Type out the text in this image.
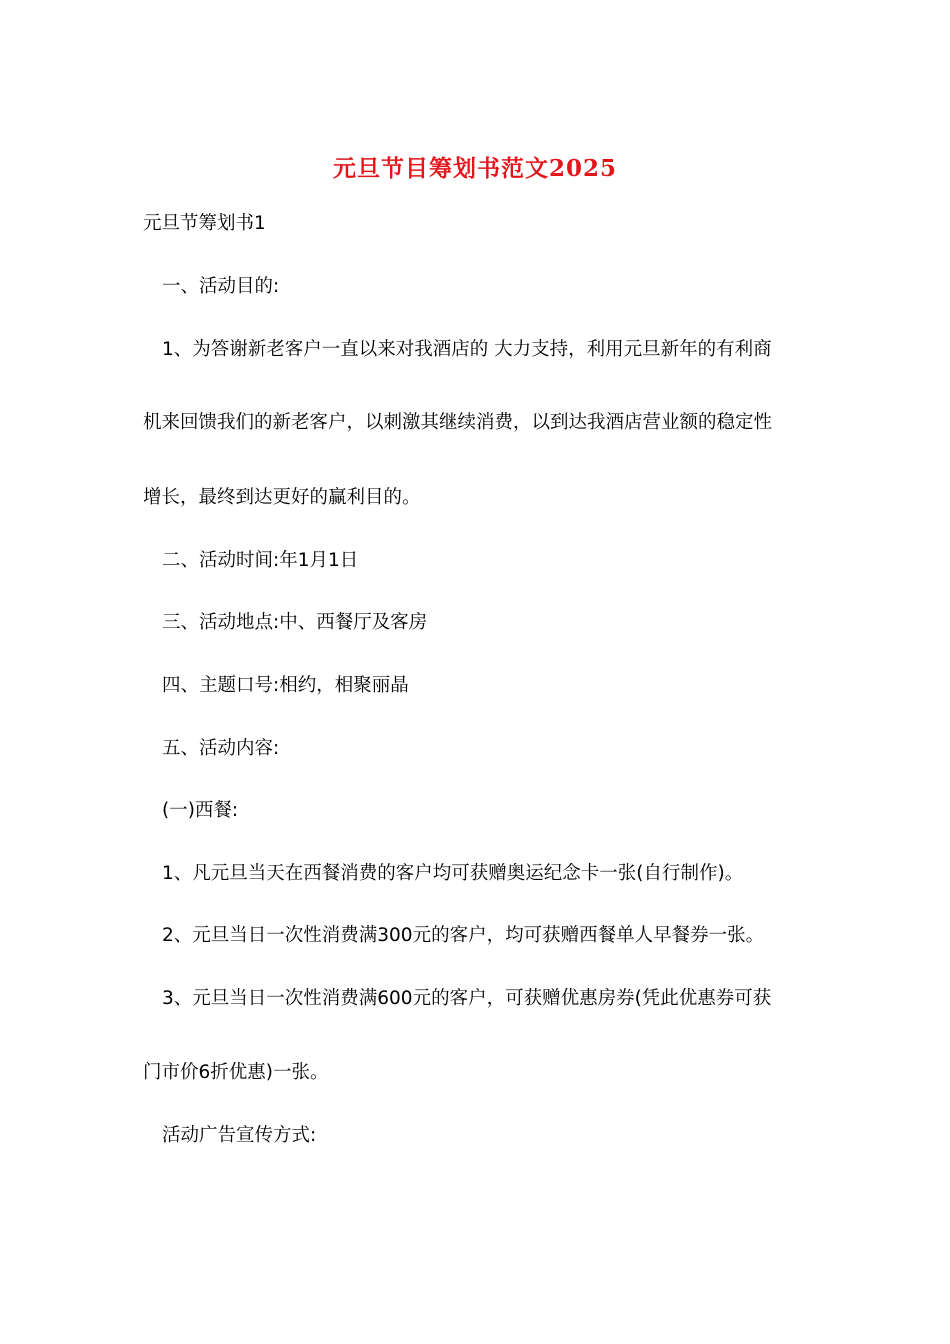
元旦节目筹划书范文2025
元旦节筹划书1
一、活动目的:
1、为答谢新老客户一直以来对我酒店的 大力支持，利用元旦新年的有利商
机来回馈我们的新老客户，以刺激其继续消费，以到达我酒店营业额的稳定性
增长，最终到达更好的赢利目的。
二、活动时间:年1月1日
三、活动地点:中、西餐厅及客房
四、主题口号:相约，相聚丽晶
五、活动内容:
(一)西餐:
1、凡元旦当天在西餐消费的客户均可获赠奥运纪念卡一张(自行制作)。
2、元旦当日一次性消费满300元的客户，均可获赠西餐单人早餐券一张。
3、元旦当日一次性消费满600元的客户，可获赠优惠房券(凭此优惠券可获
门市价6折优惠)一张。
活动广告宣传方式:
